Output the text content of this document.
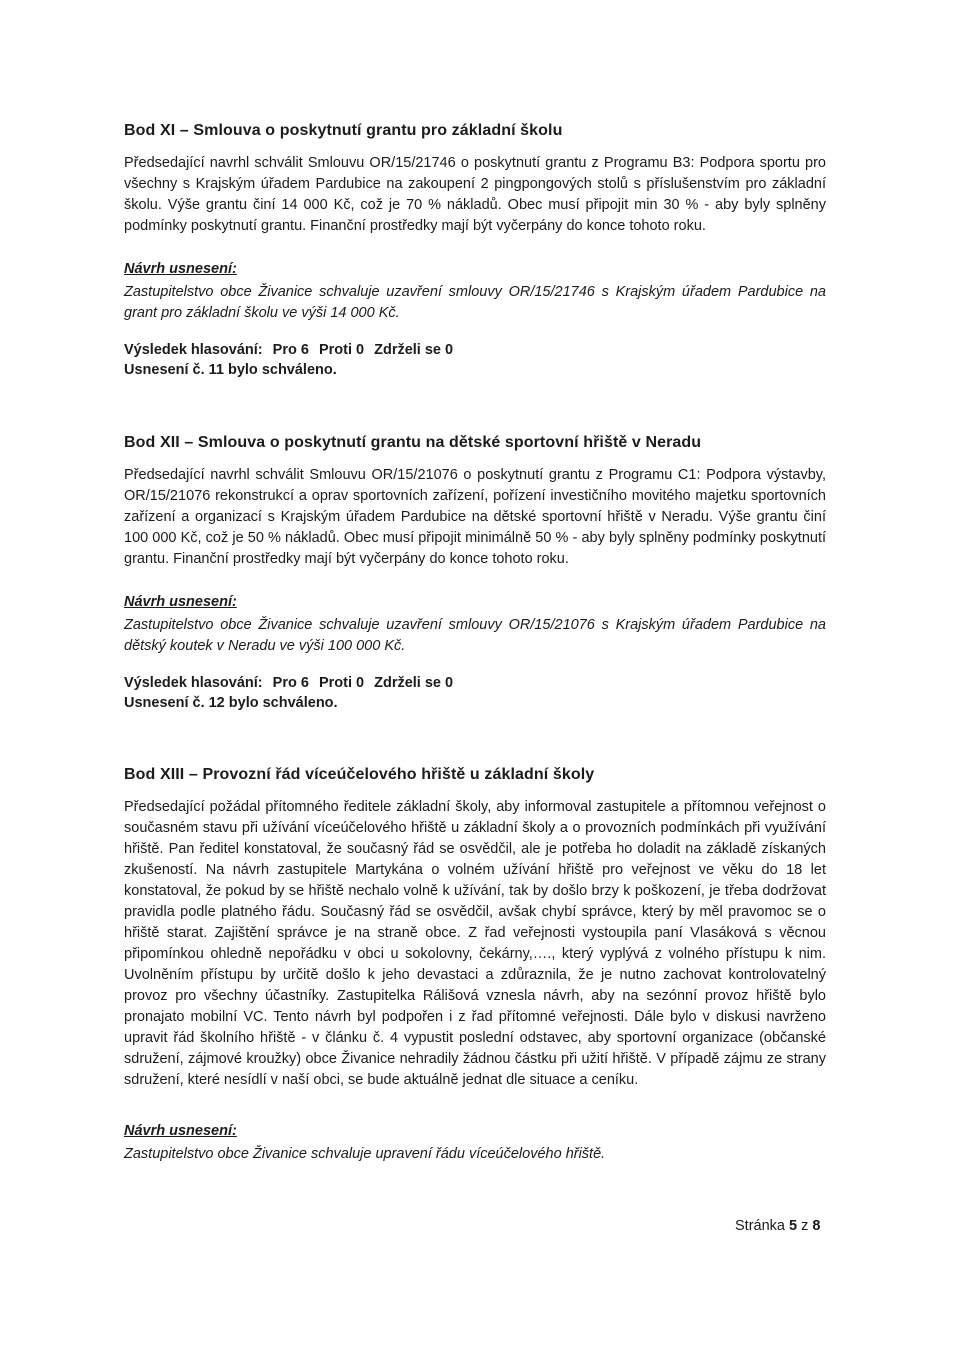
Bod XI – Smlouva o poskytnutí grantu pro základní školu

Předsedající navrhl schválit Smlouvu OR/15/21746 o poskytnutí grantu z Programu B3: Podpora sportu pro všechny s Krajským úřadem Pardubice na zakoupení 2 pingpongových stolů s příslušenstvím pro základní školu. Výše grantu činí 14 000 Kč, což je 70 % nákladů. Obec musí připojit min 30 % - aby byly splněny podmínky poskytnutí grantu. Finanční prostředky mají být vyčerpány do konce tohoto roku.

Návrh usnesení:

Zastupitelstvo obce Živanice schvaluje uzavření smlouvy OR/15/21746 s Krajským úřadem Pardubice na grant pro základní školu ve výši 14 000 Kč.

Výsledek hlasování: Pro 6 Proti 0 Zdrželi se 0
Usnesení č. 11 bylo schváleno.
Bod XII – Smlouva o poskytnutí grantu na dětské sportovní hřiště v Neradu

Předsedající navrhl schválit Smlouvu OR/15/21076 o poskytnutí grantu z Programu C1: Podpora výstavby, OR/15/21076 rekonstrukcí a oprav sportovních zařízení, pořízení investičního movitého majetku sportovních zařízení a organizací s Krajským úřadem Pardubice na dětské sportovní hřiště v Neradu. Výše grantu činí 100 000 Kč, což je 50 % nákladů. Obec musí připojit minimálně 50 % - aby byly splněny podmínky poskytnutí grantu. Finanční prostředky mají být vyčerpány do konce tohoto roku.

Návrh usnesení:

Zastupitelstvo obce Živanice schvaluje uzavření smlouvy OR/15/21076 s Krajským úřadem Pardubice na dětský koutek v Neradu ve výši 100 000 Kč.

Výsledek hlasování: Pro 6 Proti 0 Zdrželi se 0
Usnesení č. 12 bylo schváleno.
Bod XIII – Provozní řád víceúčelového hřiště u základní školy

Předsedající požádal přítomného ředitele základní školy, aby informoval zastupitele a přítomnou veřejnost o současném stavu při užívání víceúčelového hřiště u základní školy a o provozních podmínkách při využívání hřiště. Pan ředitel konstatoval, že současný řád se osvědčil, ale je potřeba ho doladit na základě získaných zkušeností. Na návrh zastupitele Martykána o volném užívání hřiště pro veřejnost ve věku do 18 let konstatoval, že pokud by se hřiště nechalo volně k užívání, tak by došlo brzy k poškození, je třeba dodržovat pravidla podle platného řádu. Současný řád se osvědčil, avšak chybí správce, který by měl pravomoc se o hřiště starat. Zajištění správce je na straně obce. Z řad veřejnosti vystoupila paní Vlasáková s věcnou připomínkou ohledně nepořádku v obci u sokolovny, čekárny,…., který vyplývá z volného přístupu k nim. Uvolněním přístupu by určitě došlo k jeho devastaci a zdůraznila, že je nutno zachovat kontrolovatelný provoz pro všechny účastníky. Zastupitelka Rálišová vznesla návrh, aby na sezónní provoz hřiště bylo pronajato mobilní VC. Tento návrh byl podpořen i z řad přítomné veřejnosti. Dále bylo v diskusi navrženo upravit řád školního hřiště - v článku č. 4 vypustit poslední odstavec, aby sportovní organizace (občanské sdružení, zájmové kroužky) obce Živanice nehradily žádnou částku při užití hřiště. V případě zájmu ze strany sdružení, které nesídlí v naší obci, se bude aktuálně jednat dle situace a ceníku.

Návrh usnesení:

Zastupitelstvo obce Živanice schvaluje upravení řádu víceúčelového hřiště.

Stránka 5 z 8
